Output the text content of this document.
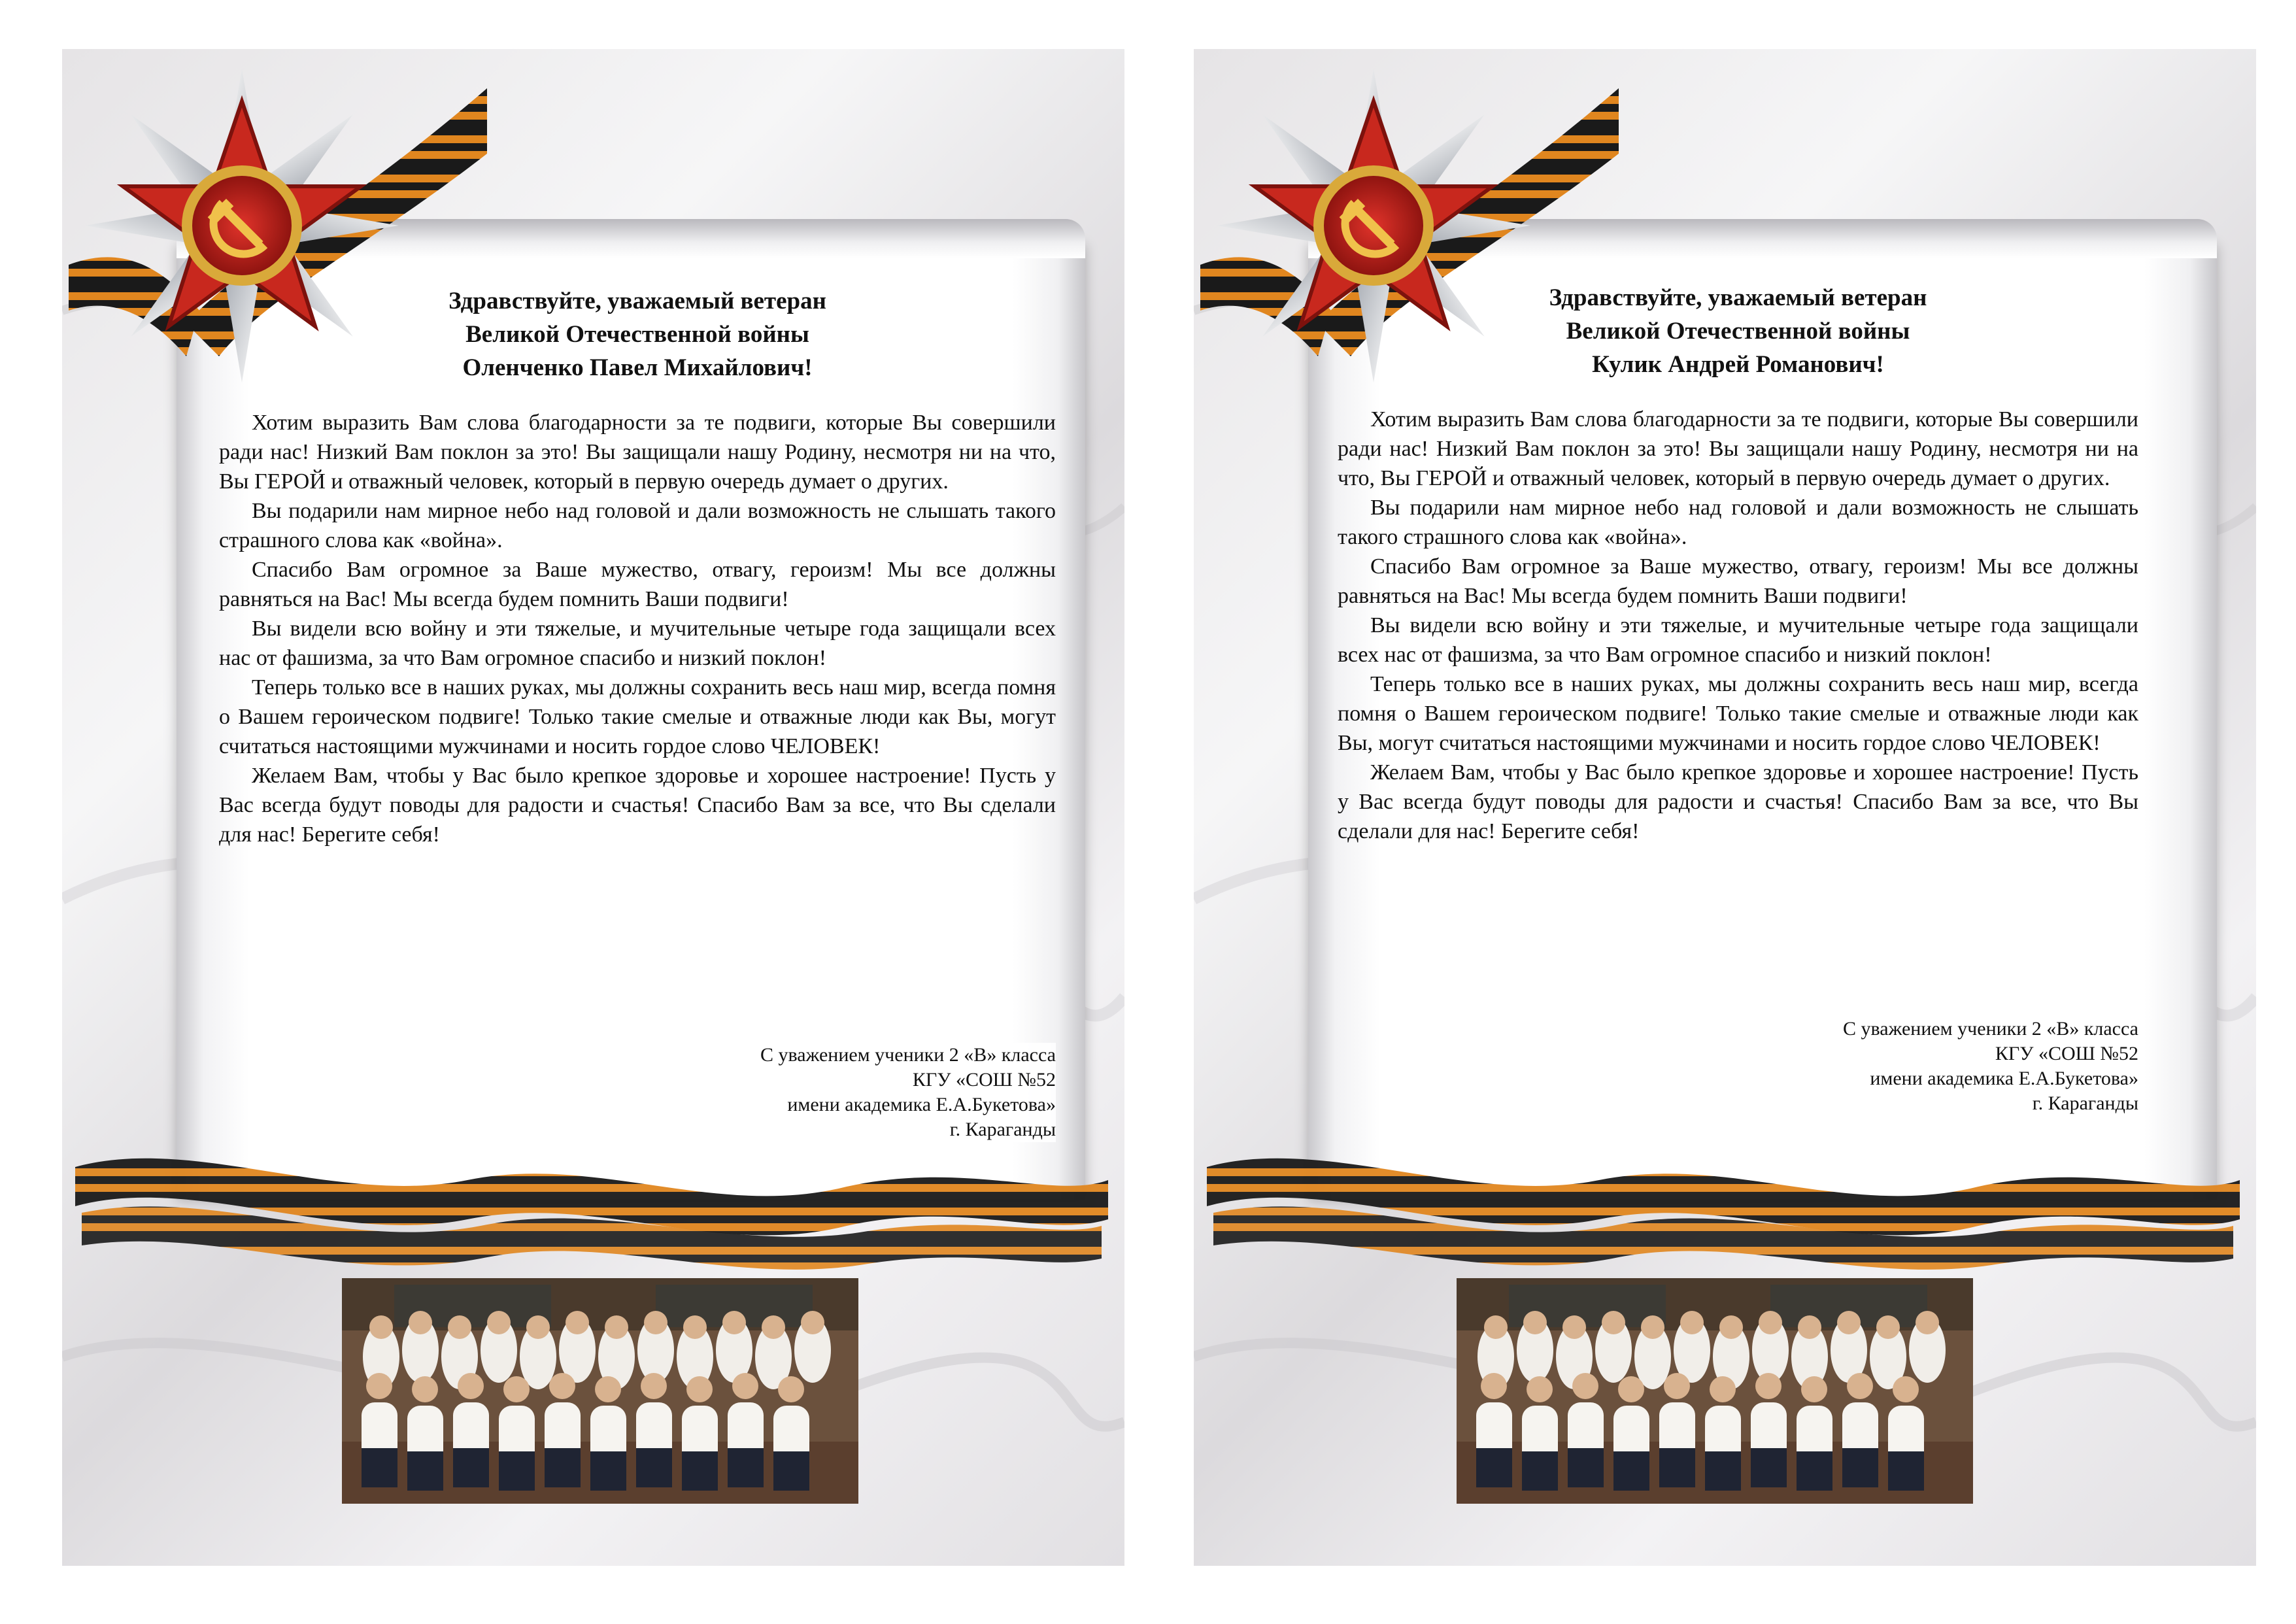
Здравствуйте, уважаемый ветеран
Великой Отечественной войны
Оленченко Павел Михайлович!

Хотим выразить Вам слова благодарности за те подвиги, которые Вы совершили ради нас! Низкий Вам поклон за это! Вы защищали нашу Родину, несмотря ни на что, Вы ГЕРОЙ и отважный человек, который в первую очередь думает о других.

Вы подарили нам мирное небо над головой и дали возможность не слышать такого страшного слова как «война».

Спасибо Вам огромное за Ваше мужество, отвагу, героизм! Мы все должны равняться на Вас! Мы всегда будем помнить Ваши подвиги!

Вы видели всю войну и эти тяжелые, и мучительные четыре года защищали всех нас от фашизма, за что Вам огромное спасибо и низкий поклон!

Теперь только все в наших руках, мы должны сохранить весь наш мир, всегда помня о Вашем героическом подвиге! Только такие смелые и отважные люди как Вы, могут считаться настоящими мужчинами и носить гордое слово ЧЕЛОВЕК!

Желаем Вам, чтобы у Вас было крепкое здоровье и хорошее настроение! Пусть у Вас всегда будут поводы для радости и счастья! Спасибо Вам за все, что Вы сделали для нас! Берегите себя!

С уважением ученики 2 «В» класса
КГУ «СОШ №52
имени академика Е.А.Букетова»
г. Караганды
Здравствуйте, уважаемый ветеран
Великой Отечественной войны
Кулик Андрей Романович!

Хотим выразить Вам слова благодарности за те подвиги, которые Вы совершили ради нас! Низкий Вам поклон за это! Вы защищали нашу Родину, несмотря ни на что, Вы ГЕРОЙ и отважный человек, который в первую очередь думает о других.

Вы подарили нам мирное небо над головой и дали возможность не слышать такого страшного слова как «война».

Спасибо Вам огромное за Ваше мужество, отвагу, героизм! Мы все должны равняться на Вас! Мы всегда будем помнить Ваши подвиги!

Вы видели всю войну и эти тяжелые, и мучительные четыре года защищали всех нас от фашизма, за что Вам огромное спасибо и низкий поклон!

Теперь только все в наших руках, мы должны сохранить весь наш мир, всегда помня о Вашем героическом подвиге! Только такие смелые и отважные люди как Вы, могут считаться настоящими мужчинами и носить гордое слово ЧЕЛОВЕК!

Желаем Вам, чтобы у Вас было крепкое здоровье и хорошее настроение! Пусть у Вас всегда будут поводы для радости и счастья! Спасибо Вам за все, что Вы сделали для нас! Берегите себя!

С уважением ученики 2 «В» класса
КГУ «СОШ №52
имени академика Е.А.Букетова»
г. Караганды
